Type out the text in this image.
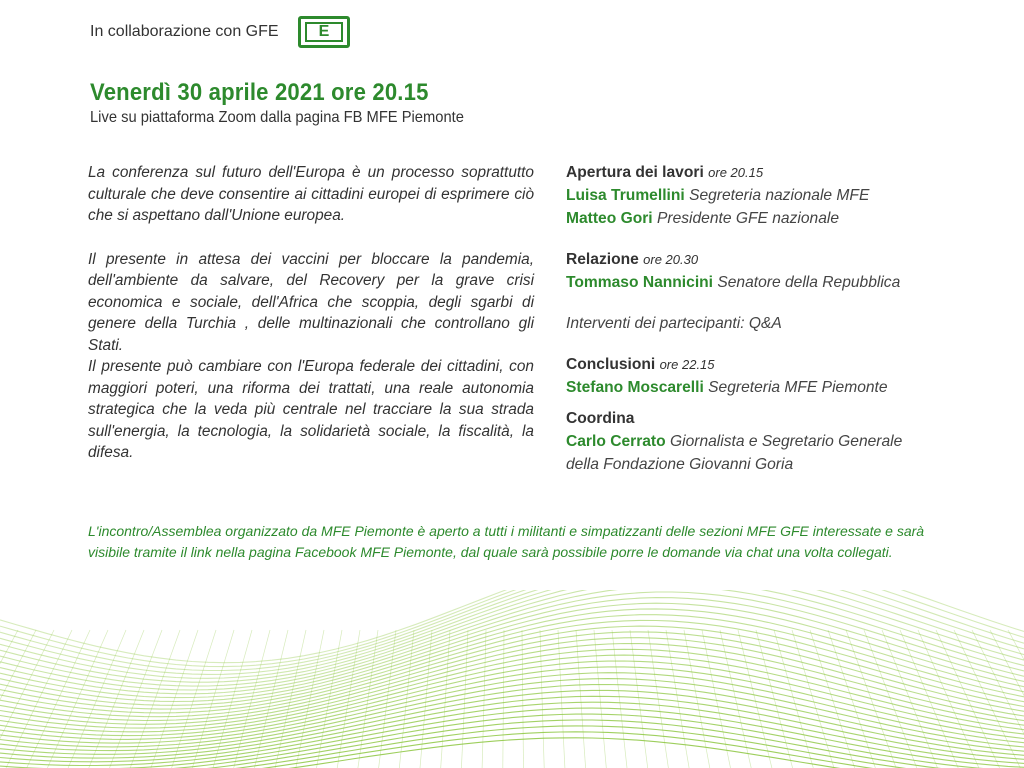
In collaborazione con GFE	E
Venerdì 30 aprile 2021 ore 20.15
Live su piattaforma Zoom dalla pagina FB MFE Piemonte

La conferenza sul futuro dell'Europa è un processo soprattutto culturale che deve consentire ai cittadini europei di esprimere ciò che si aspettano dall'Unione europea.

Il presente in attesa dei vaccini per bloccare la pandemia, dell'ambiente da salvare, del Recovery per la grave crisi economica e sociale, dell'Africa che scoppia, degli sgarbi di genere della Turchia , delle multinazionali che controllano gli Stati.

Il presente può cambiare con l'Europa federale dei cittadini, con maggiori poteri, una riforma dei trattati, una reale autonomia strategica che la veda più centrale nel tracciare la sua strada sull'energia, la tecnologia, la solidarietà sociale, la fiscalità, la difesa.

Apertura dei lavori ore 20.15
Luisa Trumellini Segreteria nazionale MFE
Matteo Gori Presidente GFE nazionale
Relazione ore 20.30
Tommaso Nannicini Senatore della Repubblica
Interventi dei partecipanti: Q&A
Conclusioni ore 22.15
Stefano Moscarelli Segreteria MFE Piemonte
Coordina
Carlo Cerrato Giornalista e Segretario Generale
della Fondazione Giovanni Goria
L'incontro/Assemblea organizzato da MFE Piemonte è aperto a tutti i militanti e simpatizzanti delle sezioni MFE GFE interessate e sarà visibile tramite il link nella pagina Facebook MFE Piemonte, dal quale sarà possibile porre le domande via chat una volta collegati.
